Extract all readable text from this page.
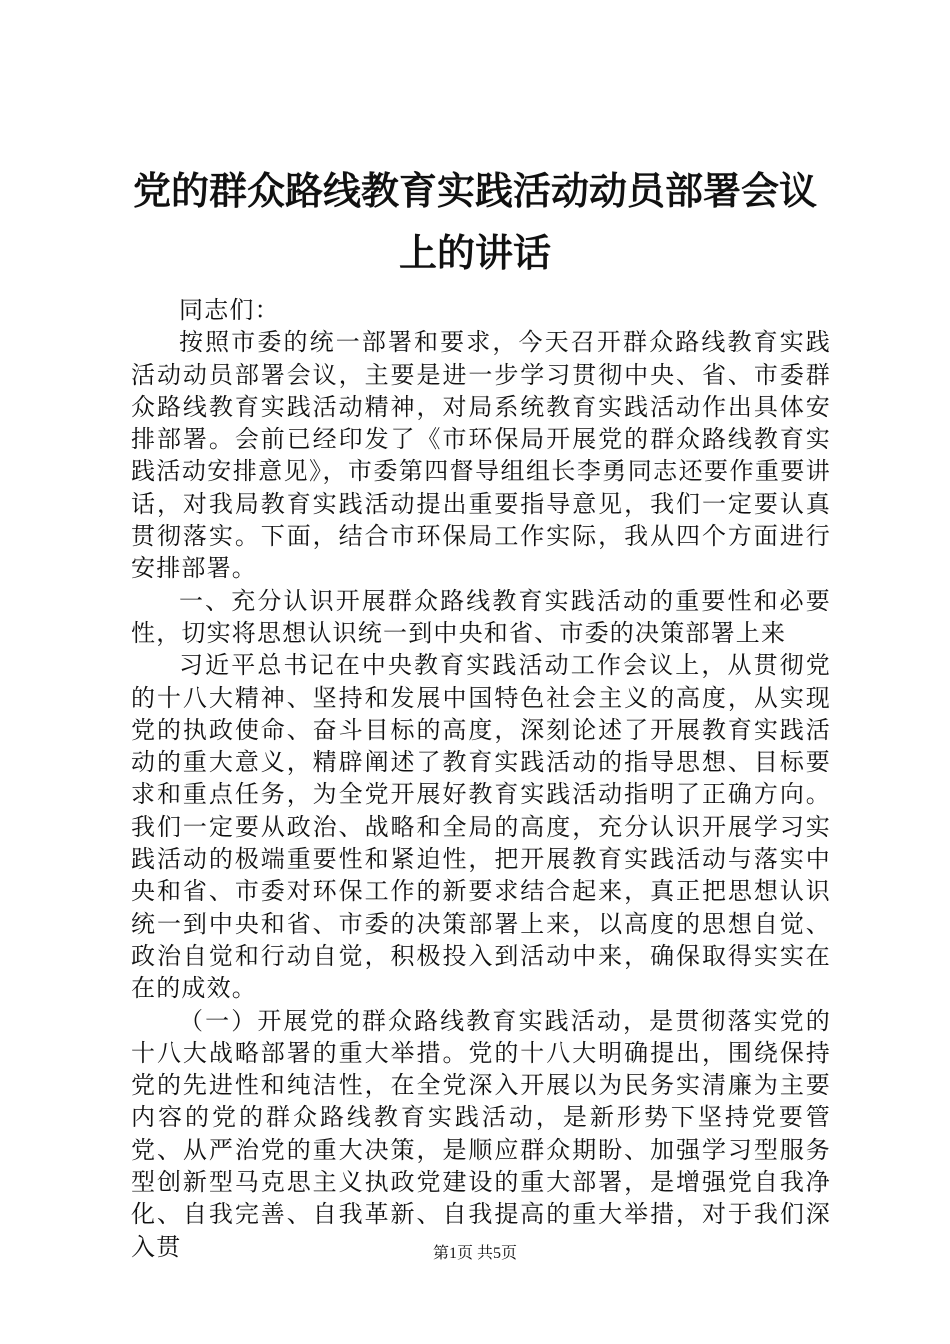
党的群众路线教育实践活动动员部署会议上的讲话

同志们：

按照市委的统一部署和要求，今天召开群众路线教育实践活动动员部署会议，主要是进一步学习贯彻中央、省、市委群众路线教育实践活动精神，对局系统教育实践活动作出具体安排部署。会前已经印发了《市环保局开展党的群众路线教育实践活动安排意见》，市委第四督导组组长李勇同志还要作重要讲话，对我局教育实践活动提出重要指导意见，我们一定要认真贯彻落实。下面，结合市环保局工作实际，我从四个方面进行安排部署。

一、充分认识开展群众路线教育实践活动的重要性和必要性，切实将思想认识统一到中央和省、市委的决策部署上来

习近平总书记在中央教育实践活动工作会议上，从贯彻党的十八大精神、坚持和发展中国特色社会主义的高度，从实现党的执政使命、奋斗目标的高度，深刻论述了开展教育实践活动的重大意义，精辟阐述了教育实践活动的指导思想、目标要求和重点任务，为全党开展好教育实践活动指明了正确方向。我们一定要从政治、战略和全局的高度，充分认识开展学习实践活动的极端重要性和紧迫性，把开展教育实践活动与落实中央和省、市委对环保工作的新要求结合起来，真正把思想认识统一到中央和省、市委的决策部署上来，以高度的思想自觉、政治自觉和行动自觉，积极投入到活动中来，确保取得实实在在的成效。

（一）开展党的群众路线教育实践活动，是贯彻落实党的十八大战略部署的重大举措。党的十八大明确提出，围绕保持党的先进性和纯洁性，在全党深入开展以为民务实清廉为主要内容的党的群众路线教育实践活动，是新形势下坚持党要管党、从严治党的重大决策，是顺应群众期盼、加强学习型服务型创新型马克思主义执政党建设的重大部署，是增强党自我净化、自我完善、自我革新、自我提高的重大举措，对于我们深入贯	第1页 共5页
